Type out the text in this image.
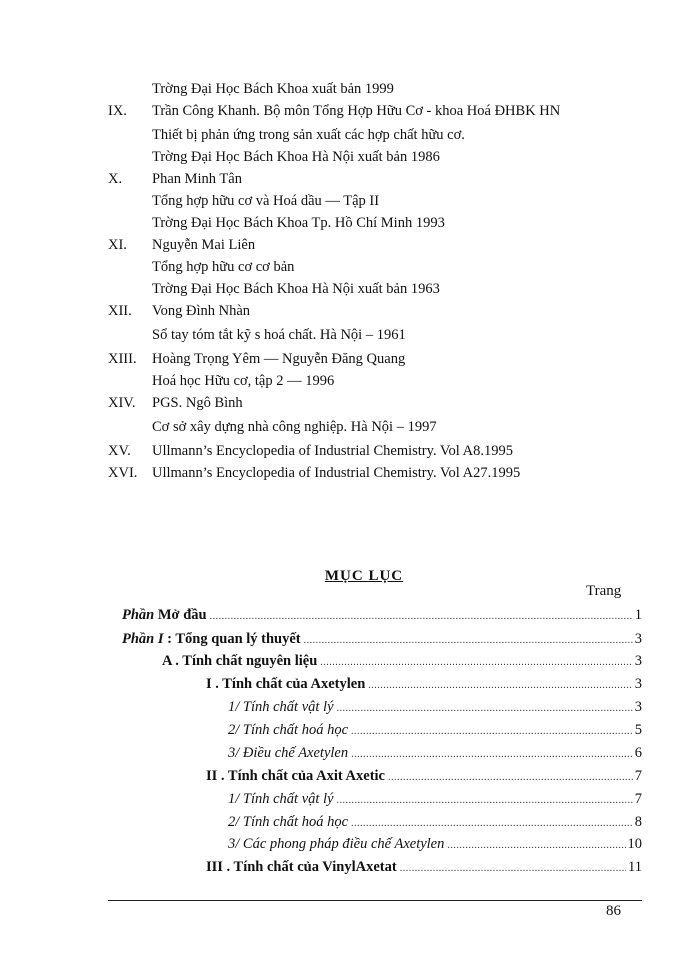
Trờng Đại Học Bách Khoa xuất bản 1999
IX. Trần Công Khanh. Bộ môn Tổng Hợp Hữu Cơ - khoa Hoá ĐHBK HN
Thiết bị phản ứng trong sản xuất các hợp chất hữu cơ.
Trờng Đại Học Bách Khoa Hà Nội xuất bản 1986
X. Phan Minh Tân
Tổng hợp hữu cơ và Hoá dầu — Tập II
Trờng Đại Học Bách Khoa Tp. Hồ Chí Minh 1993
XI. Nguyễn Mai Liên
Tổng hợp hữu cơ cơ bản
Trờng Đại Học Bách Khoa Hà Nội xuất bản 1963
XII. Vong Đình Nhàn
Sổ tay tóm tắt kỹ s hoá chất. Hà Nội – 1961
XIII. Hoàng Trọng Yêm — Nguyễn Đăng Quang
Hoá học Hữu cơ, tập 2 — 1996
XIV. PGS. Ngô Bình
Cơ sở xây dựng nhà công nghiệp. Hà Nội – 1997
XV. Ullmann’s Encyclopedia of Industrial Chemistry. Vol A8.1995
XVI. Ullmann’s Encyclopedia of Industrial Chemistry. Vol A27.1995
MỤC LỤC
Trang
Phần Mở đầu .....	1
Phần I : Tổng quan lý thuyết .....	3
A . Tính chất nguyên liệu .....	3
I . Tính chất của Axetylen .....	3
1/ Tính chất vật lý .....	3
2/ Tính chất hoá học .....	5
3/ Điều chế Axetylen .....	6
II . Tính chất của Axit Axetic .....	7
1/ Tính chất vật lý .....	7
2/ Tính chất hoá học .....	8
3/ Các phong pháp điều chế Axetylen .....	10
III . Tính chất của VinylAxetat .....	11
86
